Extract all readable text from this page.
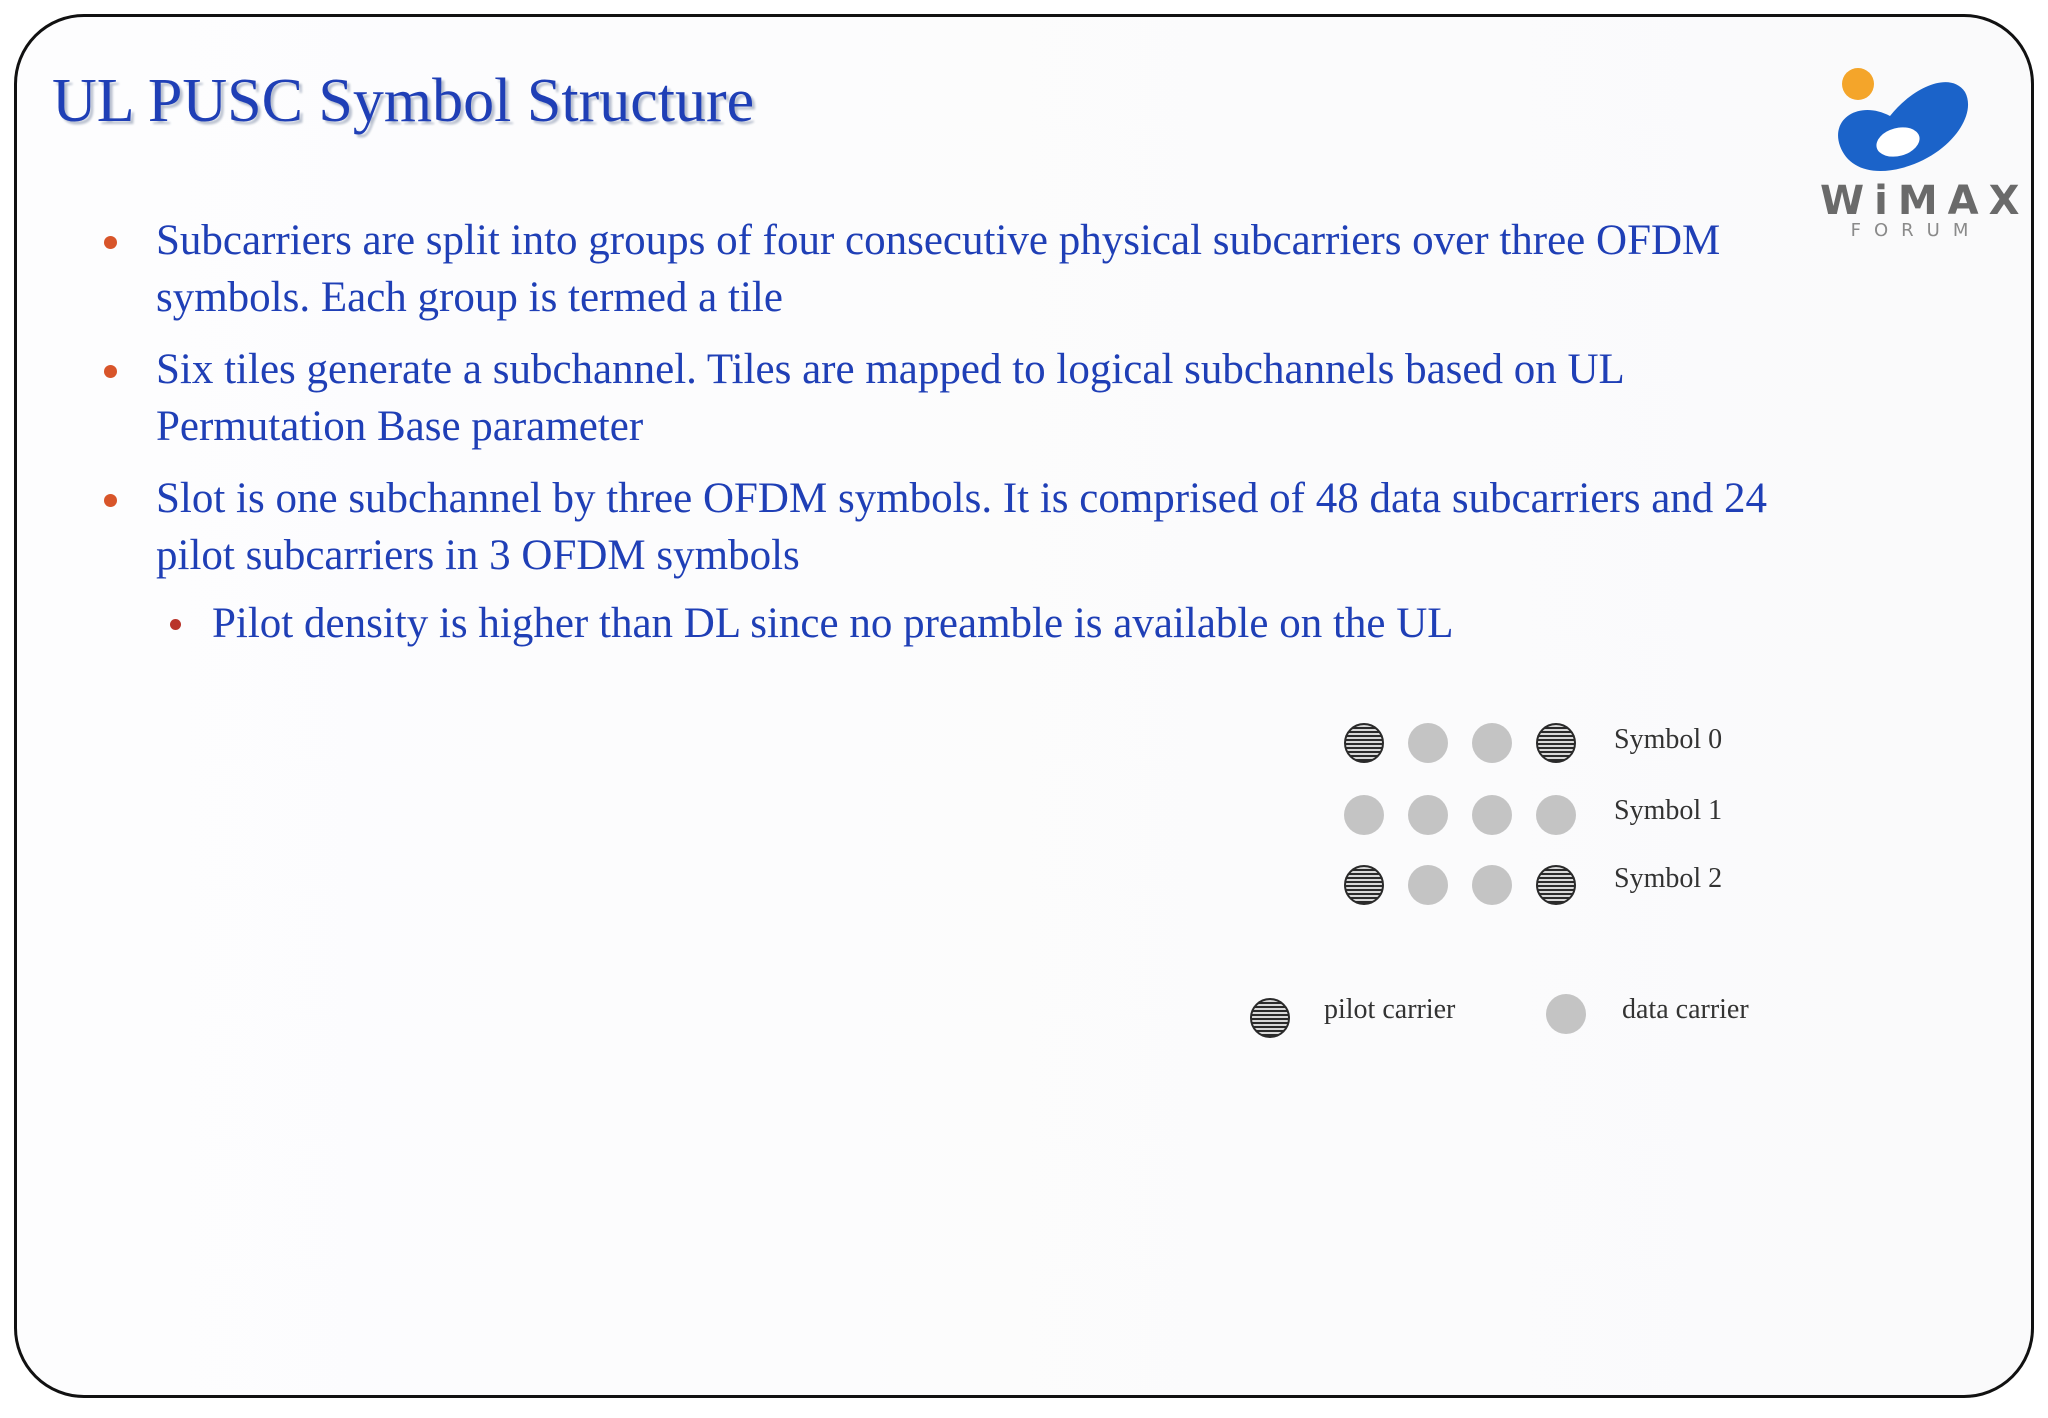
UL PUSC Symbol Structure
WiMAX
FORUM
Subcarriers are split into groups of four consecutive physical subcarriers over three OFDM symbols. Each group is termed a tile
Six tiles generate a subchannel. Tiles are mapped to logical subchannels based on UL Permutation Base parameter
Slot is one subchannel by three OFDM symbols. It is comprised of 48 data subcarriers and 24 pilot subcarriers in 3 OFDM symbols
Pilot density is higher than DL since no preamble is available on the UL
Symbol 0
Symbol 1
Symbol 2
pilot carrier	data carrier
